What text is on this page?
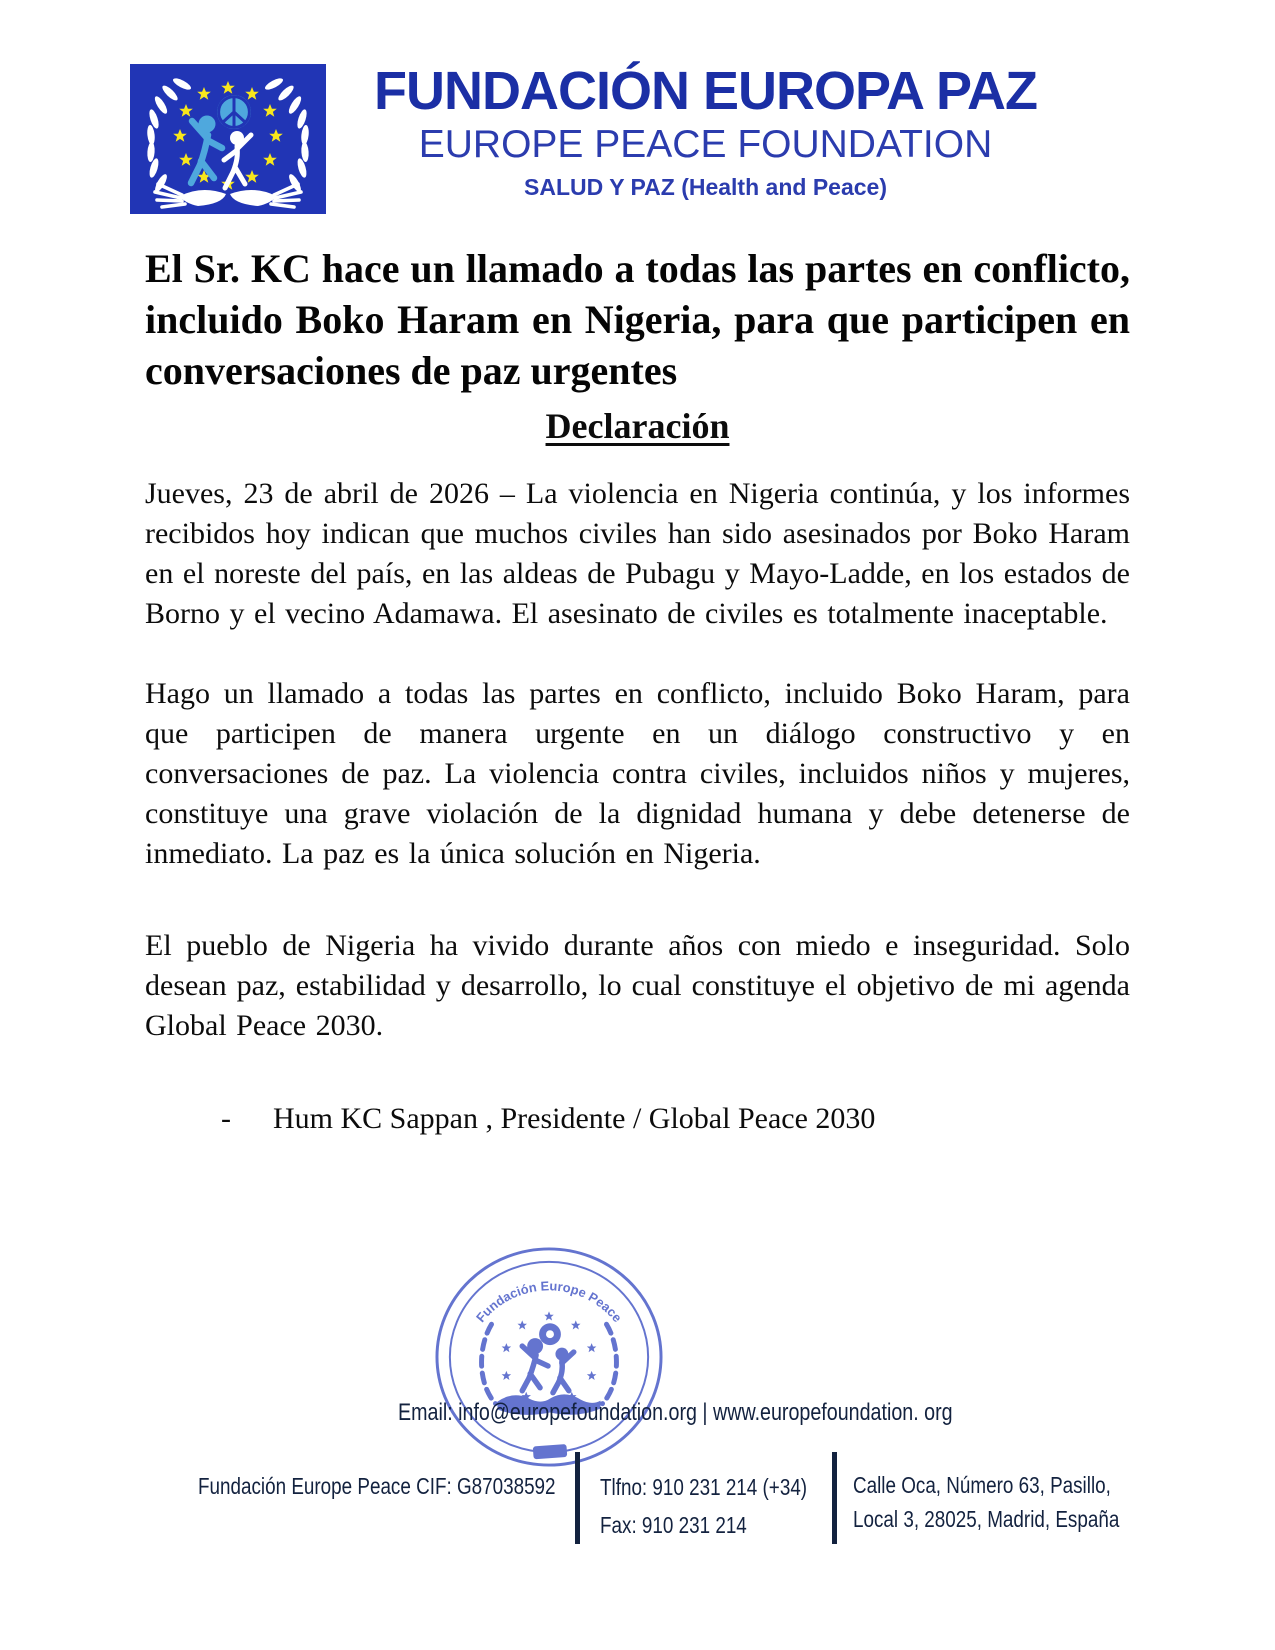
FUNDACIÓN EUROPA PAZ
EUROPE PEACE FOUNDATION
SALUD Y PAZ (Health and Peace)
El Sr. KC hace un llamado a todas las partes en conflicto, incluido Boko Haram en Nigeria, para que participen en conversaciones de paz urgentes
Declaración

Jueves, 23 de abril de 2026 – La violencia en Nigeria continúa, y los informes recibidos hoy indican que muchos civiles han sido asesinados por Boko Haram en el noreste del país, en las aldeas de Pubagu y Mayo-Ladde, en los estados de Borno y el vecino Adamawa. El asesinato de civiles es totalmente inaceptable.

Hago un llamado a todas las partes en conflicto, incluido Boko Haram, para que participen de manera urgente en un diálogo constructivo y en conversaciones de paz. La violencia contra civiles, incluidos niños y mujeres, constituye una grave violación de la dignidad humana y debe detenerse de inmediato. La paz es la única solución en Nigeria.

El pueblo de Nigeria ha vivido durante años con miedo e inseguridad. Solo desean paz, estabilidad y desarrollo, lo cual constituye el objetivo de mi agenda Global Peace 2030.

-	Hum KC Sappan , Presidente / Global Peace 2030
Fundación Europe Peace
Email: info@europefoundation.org | www.europefoundation. org
Fundación Europe Peace CIF: G87038592	Tlfno: 910 231 214 (+34)
Fax: 910 231 214
Calle Oca, Número 63, Pasillo,
Local 3, 28025, Madrid, España
